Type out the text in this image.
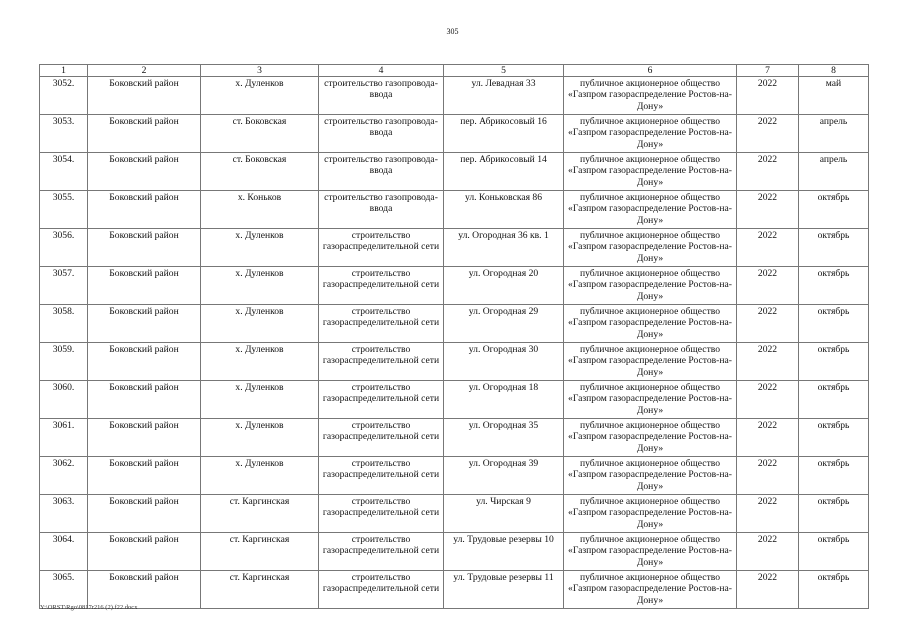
305
1	2	3	4	5	6	7	8
3052.	Боковский район	х. Дуленков	строительство газопровода-ввода	ул. Левадная 33	публичное акционерное общество «Газпром газораспределение Ростов-на-Дону»	2022	май
3053.	Боковский район	ст. Боковская	строительство газопровода-ввода	пер. Абрикосовый 16	публичное акционерное общество «Газпром газораспределение Ростов-на-Дону»	2022	апрель
3054.	Боковский район	ст. Боковская	строительство газопровода-ввода	пер. Абрикосовый 14	публичное акционерное общество «Газпром газораспределение Ростов-на-Дону»	2022	апрель
3055.	Боковский район	х. Коньков	строительство газопровода-ввода	ул. Коньковская 86	публичное акционерное общество «Газпром газораспределение Ростов-на-Дону»	2022	октябрь
3056.	Боковский район	х. Дуленков	строительство газораспределительной сети	ул. Огородная 36 кв. 1	публичное акционерное общество «Газпром газораспределение Ростов-на-Дону»	2022	октябрь
3057.	Боковский район	х. Дуленков	строительство газораспределительной сети	ул. Огородная 20	публичное акционерное общество «Газпром газораспределение Ростов-на-Дону»	2022	октябрь
3058.	Боковский район	х. Дуленков	строительство газораспределительной сети	ул. Огородная 29	публичное акционерное общество «Газпром газораспределение Ростов-на-Дону»	2022	октябрь
3059.	Боковский район	х. Дуленков	строительство газораспределительной сети	ул. Огородная 30	публичное акционерное общество «Газпром газораспределение Ростов-на-Дону»	2022	октябрь
3060.	Боковский район	х. Дуленков	строительство газораспределительной сети	ул. Огородная 18	публичное акционерное общество «Газпром газораспределение Ростов-на-Дону»	2022	октябрь
3061.	Боковский район	х. Дуленков	строительство газораспределительной сети	ул. Огородная 35	публичное акционерное общество «Газпром газораспределение Ростов-на-Дону»	2022	октябрь
3062.	Боковский район	х. Дуленков	строительство газораспределительной сети	ул. Огородная 39	публичное акционерное общество «Газпром газораспределение Ростов-на-Дону»	2022	октябрь
3063.	Боковский район	ст. Каргинская	строительство газораспределительной сети	ул. Чирская 9	публичное акционерное общество «Газпром газораспределение Ростов-на-Дону»	2022	октябрь
3064.	Боковский район	ст. Каргинская	строительство газораспределительной сети	ул. Трудовые резервы 10	публичное акционерное общество «Газпром газораспределение Ростов-на-Дону»	2022	октябрь
3065.	Боковский район	ст. Каргинская	строительство газораспределительной сети	ул. Трудовые резервы 11	публичное акционерное общество «Газпром газораспределение Ростов-на-Дону»	2022	октябрь
Y:\ORST\Rgo\0817r216 (2).f22.docx
